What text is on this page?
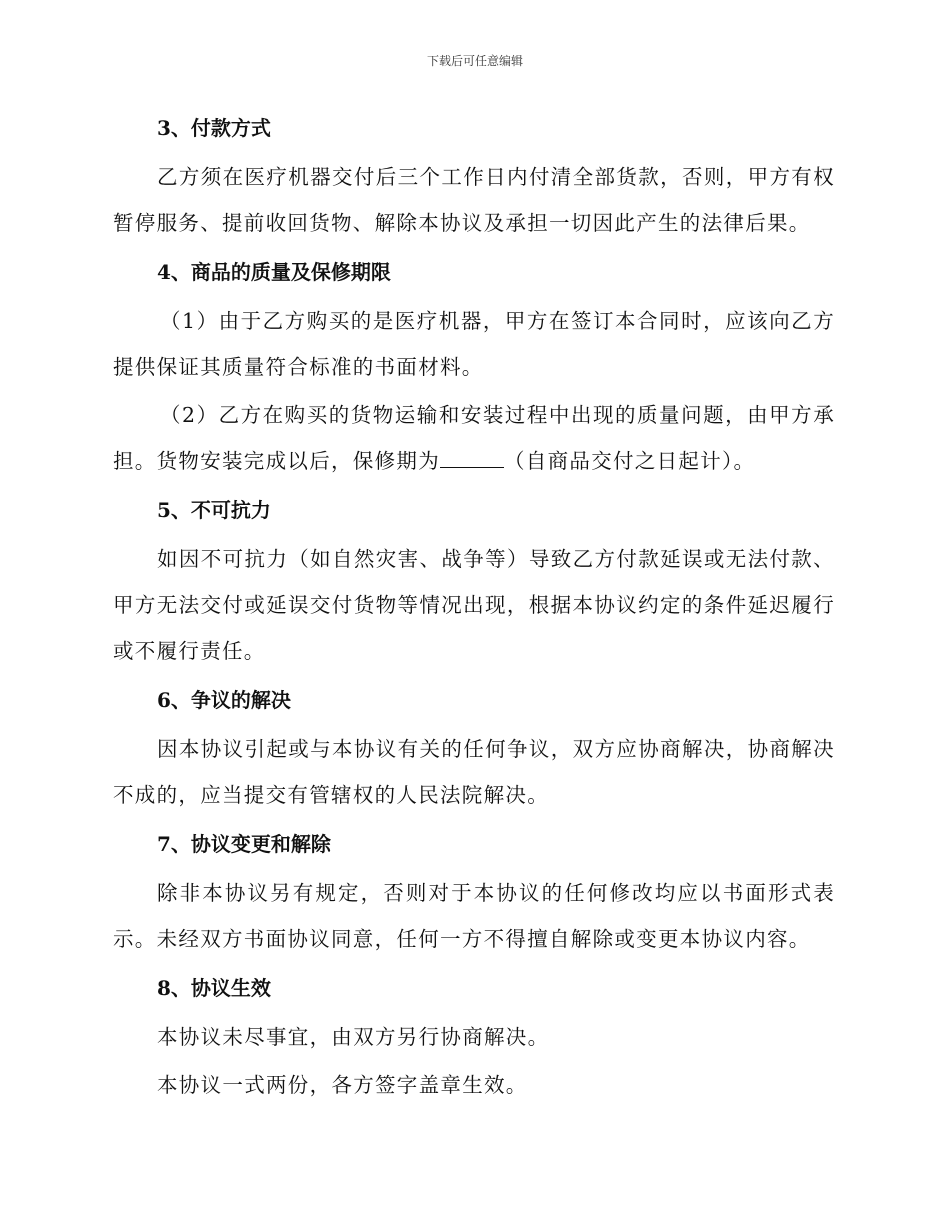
下载后可任意编辑
3、付款方式

乙方须在医疗机器交付后三个工作日内付清全部货款，否则，甲方有权暂停服务、提前收回货物、解除本协议及承担一切因此产生的法律后果。

4、商品的质量及保修期限

（1）由于乙方购买的是医疗机器，甲方在签订本合同时，应该向乙方提供保证其质量符合标准的书面材料。

（2）乙方在购买的货物运输和安装过程中出现的质量问题，由甲方承担。货物安装完成以后，保修期为	（自商品交付之日起计）。

5、不可抗力

如因不可抗力（如自然灾害、战争等）导致乙方付款延误或无法付款、甲方无法交付或延误交付货物等情况出现，根据本协议约定的条件延迟履行或不履行责任。

6、争议的解决

因本协议引起或与本协议有关的任何争议，双方应协商解决，协商解决不成的，应当提交有管辖权的人民法院解决。

7、协议变更和解除

除非本协议另有规定，否则对于本协议的任何修改均应以书面形式表示。未经双方书面协议同意，任何一方不得擅自解除或变更本协议内容。

8、协议生效

本协议未尽事宜，由双方另行协商解决。

本协议一式两份，各方签字盖章生效。
